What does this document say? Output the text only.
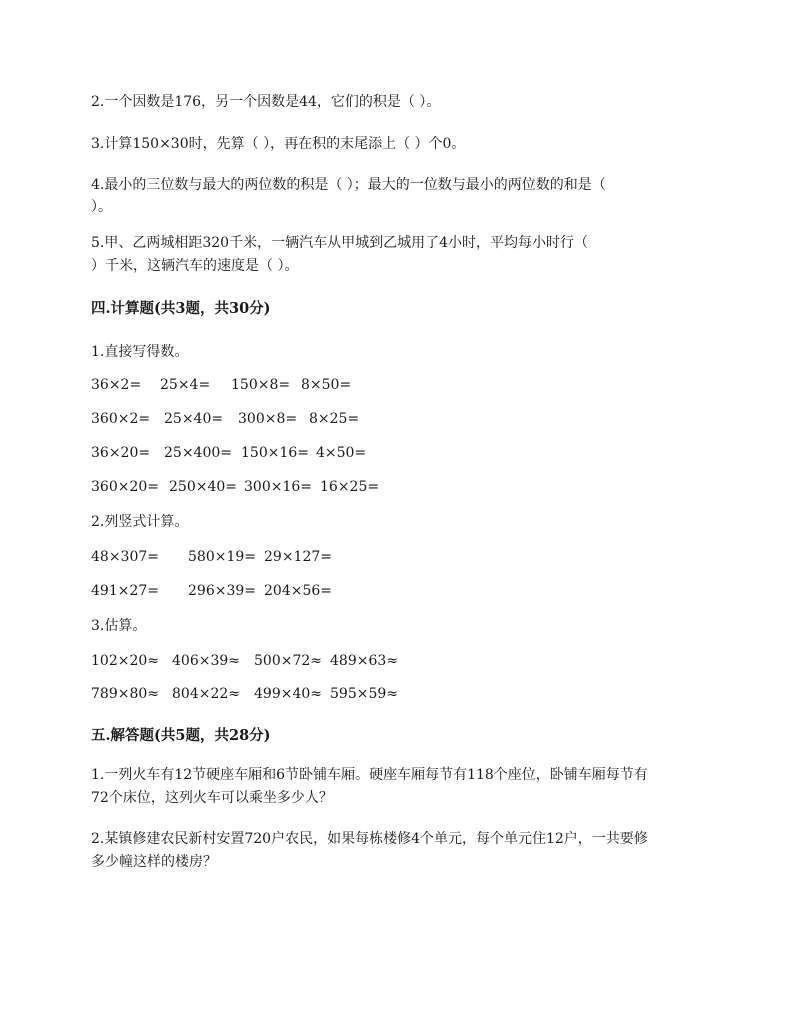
2.一个因数是176，另一个因数是44，它们的积是（ ）。
3.计算150×30时，先算（ ），再在积的末尾添上（ ）个0。
4.最小的三位数与最大的两位数的积是（ ）；最大的一位数与最小的两位数的和是（
）。
5.甲、乙两城相距320千米，一辆汽车从甲城到乙城用了4小时，平均每小时行（
）千米，这辆汽车的速度是（ ）。
四.计算题(共3题，共30分)
1.直接写得数。
36×2= 25×4= 150×8= 8×50=
360×2= 25×40= 300×8= 8×25=
36×20= 25×400= 150×16= 4×50=
360×20= 250×40= 300×16= 16×25=
2.列竖式计算。
48×307= 580×19= 29×127=
491×27= 296×39= 204×56=
3.估算。
102×20≈ 406×39≈ 500×72≈ 489×63≈
789×80≈ 804×22≈ 499×40≈ 595×59≈
五.解答题(共5题，共28分)
1.一列火车有12节硬座车厢和6节卧铺车厢。硬座车厢每节有118个座位，卧铺车厢每节有
72个床位，这列火车可以乘坐多少人？
2.某镇修建农民新村安置720户农民，如果每栋楼修4个单元，每个单元住12户，一共要修
多少幢这样的楼房？
